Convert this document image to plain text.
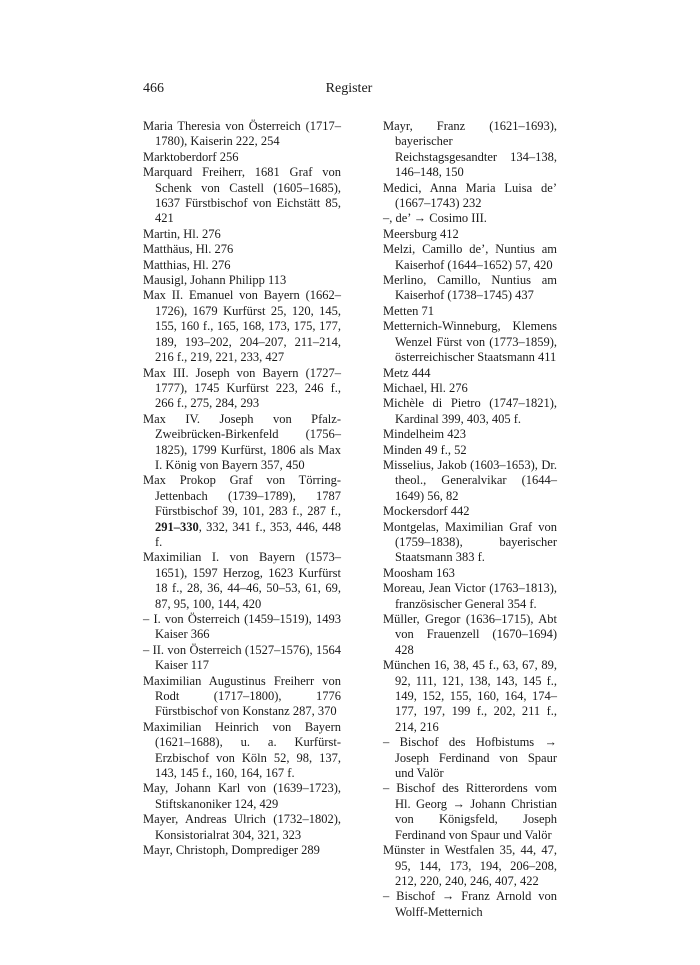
466	Register

Maria Theresia von Österreich (1717–1780), Kaiserin 222, 254

Marktoberdorf 256

Marquard Freiherr, 1681 Graf von Schenk von Castell (1605–1685), 1637 Fürstbischof von Eichstätt 85, 421

Martin, Hl. 276

Matthäus, Hl. 276

Matthias, Hl. 276

Mausigl, Johann Philipp 113

Max II. Emanuel von Bayern (1662–1726), 1679 Kurfürst 25, 120, 145, 155, 160 f., 165, 168, 173, 175, 177, 189, 193–202, 204–207, 211–214, 216 f., 219, 221, 233, 427

Max III. Joseph von Bayern (1727–1777), 1745 Kurfürst 223, 246 f., 266 f., 275, 284, 293

Max IV. Joseph von Pfalz-Zweibrücken-Birkenfeld (1756–1825), 1799 Kurfürst, 1806 als Max I. König von Bayern 357, 450

Max Prokop Graf von Törring-Jettenbach (1739–1789), 1787 Fürstbischof 39, 101, 283 f., 287 f., 291–330, 332, 341 f., 353, 446, 448 f.

Maximilian I. von Bayern (1573–1651), 1597 Herzog, 1623 Kurfürst 18 f., 28, 36, 44–46, 50–53, 61, 69, 87, 95, 100, 144, 420

– I. von Österreich (1459–1519), 1493 Kaiser 366

– II. von Österreich (1527–1576), 1564 Kaiser 117

Maximilian Augustinus Freiherr von Rodt (1717–1800), 1776 Fürstbischof von Konstanz 287, 370

Maximilian Heinrich von Bayern (1621–1688), u. a. Kurfürst-Erzbischof von Köln 52, 98, 137, 143, 145 f., 160, 164, 167 f.

May, Johann Karl von (1639–1723), Stiftskanoniker 124, 429

Mayer, Andreas Ulrich (1732–1802), Konsistorialrat 304, 321, 323

Mayr, Christoph, Domprediger 289

Mayr, Franz (1621–1693), bayerischer Reichstagsgesandter 134–138, 146–148, 150

Medici, Anna Maria Luisa de’ (1667–1743) 232

–, de’ → Cosimo III.

Meersburg 412

Melzi, Camillo de’, Nuntius am Kaiserhof (1644–1652) 57, 420

Merlino, Camillo, Nuntius am Kaiserhof (1738–1745) 437

Metten 71

Metternich-Winneburg, Klemens Wenzel Fürst von (1773–1859), österreichischer Staatsmann 411

Metz 444

Michael, Hl. 276

Michèle di Pietro (1747–1821), Kardinal 399, 403, 405 f.

Mindelheim 423

Minden 49 f., 52

Misselius, Jakob (1603–1653), Dr. theol., Generalvikar (1644–1649) 56, 82

Mockersdorf 442

Montgelas, Maximilian Graf von (1759–1838), bayerischer Staatsmann 383 f.

Moosham 163

Moreau, Jean Victor (1763–1813), französischer General 354 f.

Müller, Gregor (1636–1715), Abt von Frauenzell (1670–1694) 428

München 16, 38, 45 f., 63, 67, 89, 92, 111, 121, 138, 143, 145 f., 149, 152, 155, 160, 164, 174–177, 197, 199 f., 202, 211 f., 214, 216

– Bischof des Hofbistums → Joseph Ferdinand von Spaur und Valör

– Bischof des Ritterordens vom Hl. Georg → Johann Christian von Königsfeld, Joseph Ferdinand von Spaur und Valör

Münster in Westfalen 35, 44, 47, 95, 144, 173, 194, 206–208, 212, 220, 240, 246, 407, 422

– Bischof → Franz Arnold von Wolff-Metternich
